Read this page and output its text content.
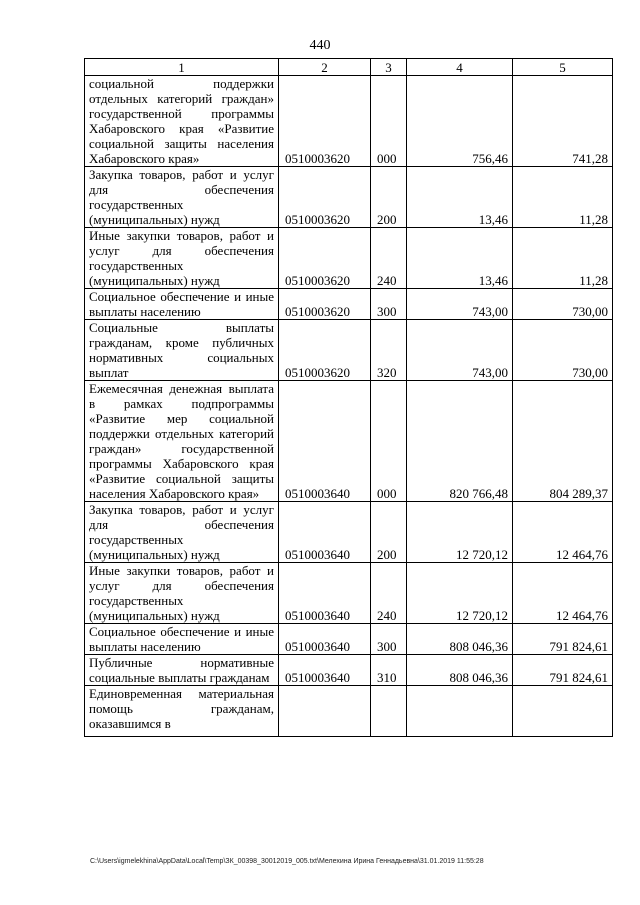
440
1	2	3	4	5
социальной поддержки отдельных категорий граждан» государственной программы Хабаровского края «Развитие социальной защиты населения Хабаровского края»	0510003620	000	756,46	741,28
Закупка товаров, работ и услуг для обеспечения государственных (муниципальных) нужд	0510003620	200	13,46	11,28
Иные закупки товаров, работ и услуг для обеспечения государственных (муниципальных) нужд	0510003620	240	13,46	11,28
Социальное обеспечение и иные выплаты населению	0510003620	300	743,00	730,00
Социальные выплаты гражданам, кроме публичных нормативных социальных выплат	0510003620	320	743,00	730,00
Ежемесячная денежная выплата в рамках подпрограммы «Развитие мер социальной поддержки отдельных категорий граждан» государственной программы Хабаровского края «Развитие социальной защиты населения Хабаровского края»	0510003640	000	820 766,48	804 289,37
Закупка товаров, работ и услуг для обеспечения государственных (муниципальных) нужд	0510003640	200	12 720,12	12 464,76
Иные закупки товаров, работ и услуг для обеспечения государственных (муниципальных) нужд	0510003640	240	12 720,12	12 464,76
Социальное обеспечение и иные выплаты населению	0510003640	300	808 046,36	791 824,61
Публичные нормативные социальные выплаты гражданам	0510003640	310	808 046,36	791 824,61
Единовременная материальная помощь гражданам, оказавшимся в				
C:\Users\igmelekhina\AppData\Local\Temp\ЗК_00398_30012019_005.txt\Мелехина Ирина Геннадьевна\31.01.2019 11:55:28
